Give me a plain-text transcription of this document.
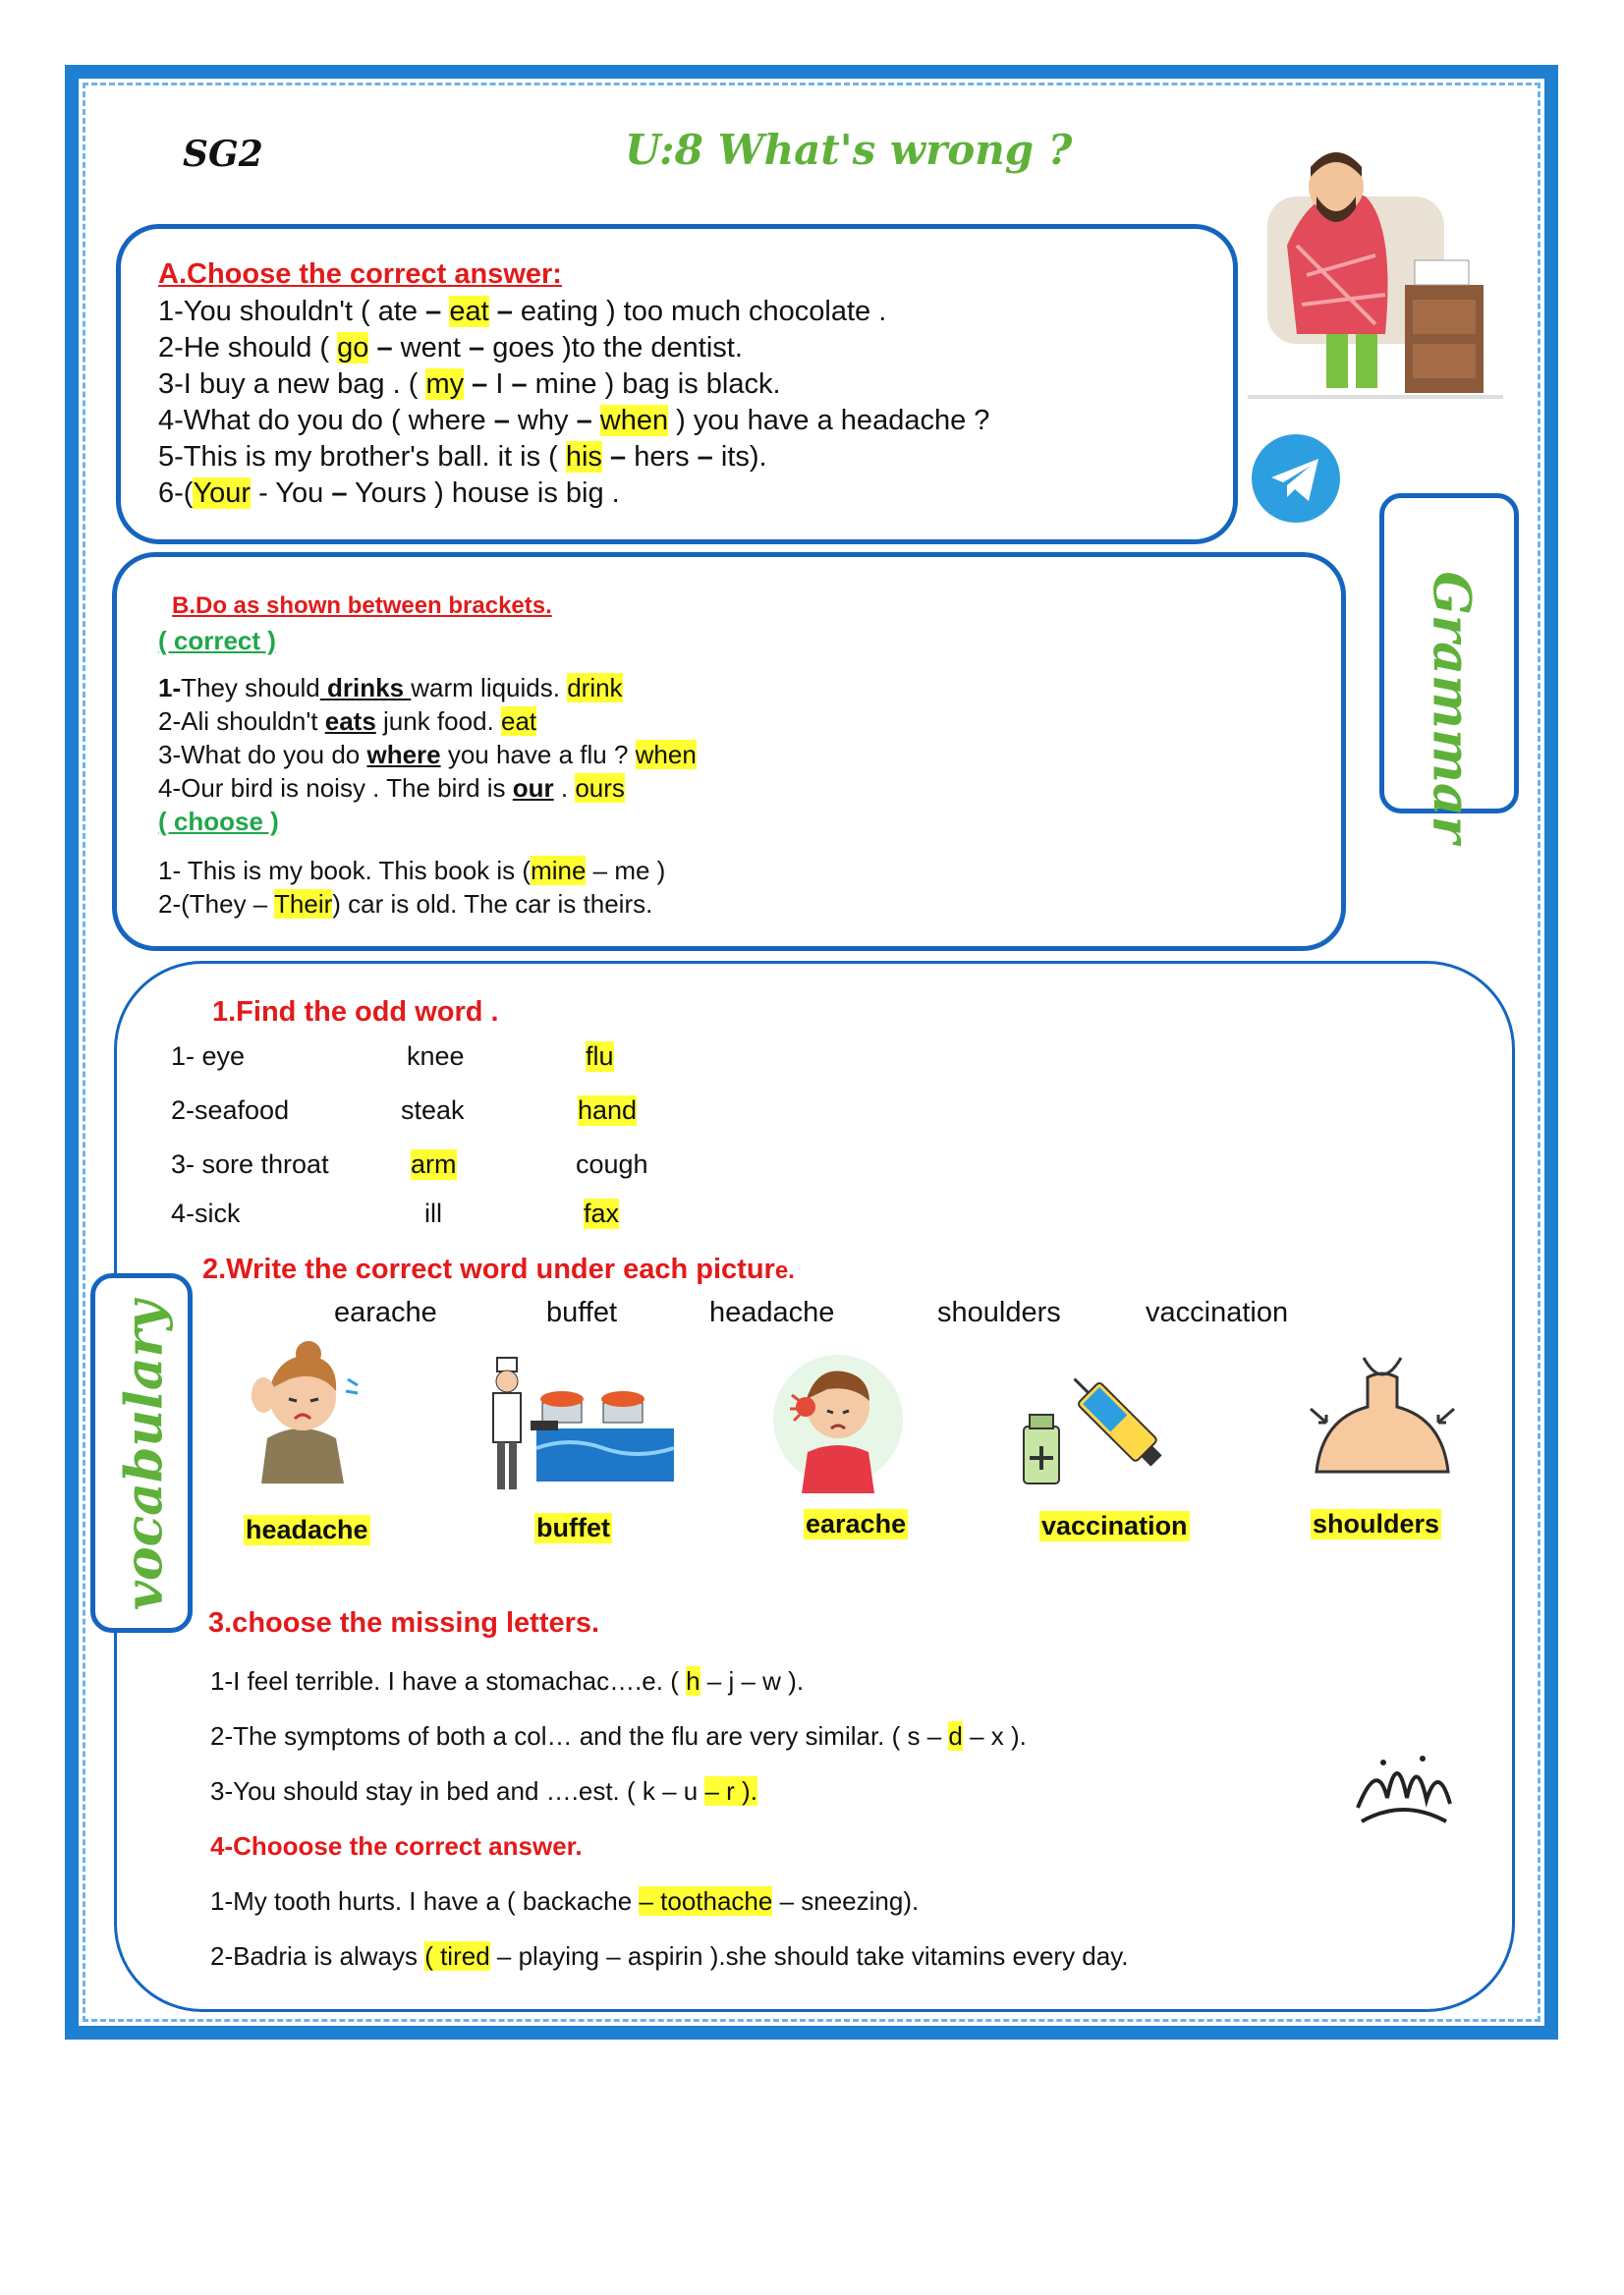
SG2	U:8 What's wrong ?
A.Choose the correct answer:
1-You shouldn't ( ate – eat – eating ) too much chocolate .
2-He should ( go – went – goes )to the dentist.
3-I buy a new bag . ( my – I – mine ) bag is black.
4-What do you do ( where – why – when ) you have a headache ?
5-This is my brother's ball. it is ( his – hers – its).
6-(Your - You – Yours ) house is big .
Grammar
B.Do as shown between brackets.
( correct )
1-They should drinks warm liquids. drink
2-Ali shouldn't eats junk food. eat
3-What do you do where you have a flu ? when
4-Our bird is noisy . The bird is our . ours
( choose )
1- This is my book. This book is (mine – me )
2-(They – Their) car is old. The car is theirs.
vocabulary
1.Find the odd word .
1- eye	knee	flu
2-seafood	steak	hand
3- sore throat	arm	cough
4-sick	ill	fax
2.Write the correct word under each picture.
earache	buffet	headache	shoulders	vaccination
headache	buffet	earache	vaccination	shoulders
3.choose the missing letters.
1-I feel terrible. I have a stomachac….e. ( h – j – w ).
2-The symptoms of both a col… and the flu are very similar. ( s – d – x ).
3-You should stay in bed and ….est. ( k – u – r ).
4-Chooose the correct answer.
1-My tooth hurts. I have a ( backache – toothache – sneezing).
2-Badria is always ( tired – playing – aspirin ).she should take vitamins every day.
